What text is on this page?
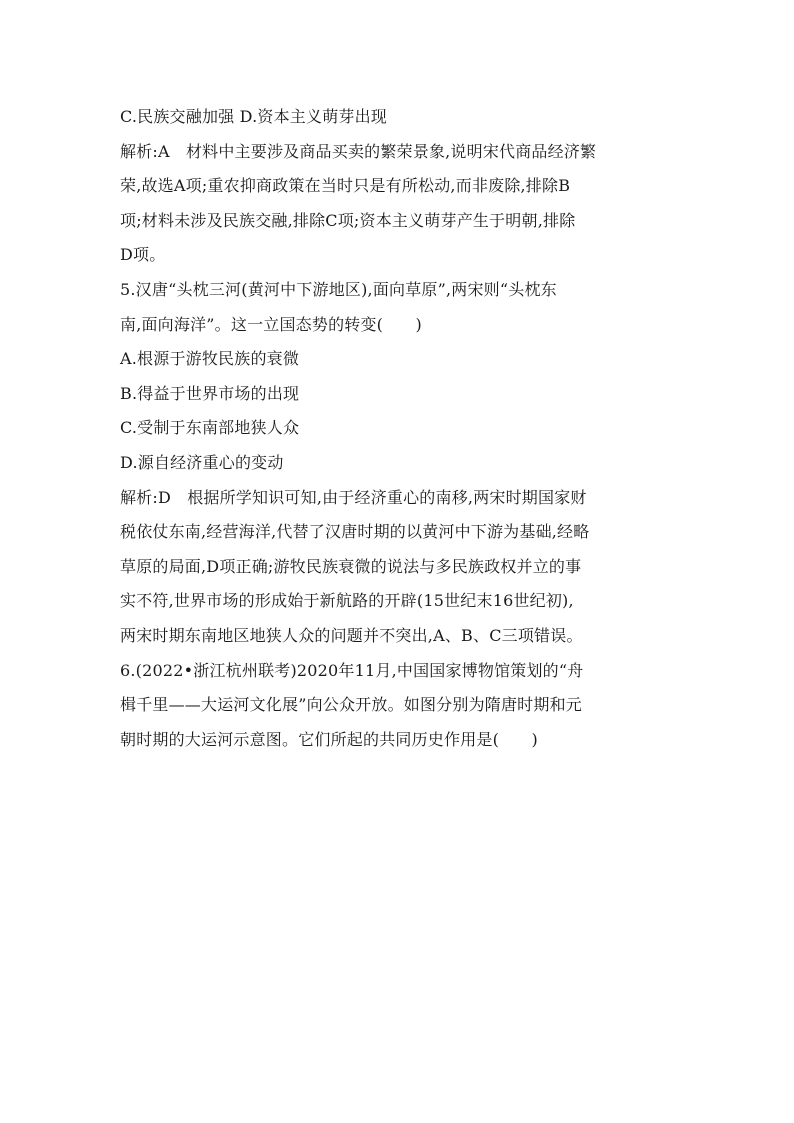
C.民族交融加强 D.资本主义萌芽出现
解析:A　材料中主要涉及商品买卖的繁荣景象,说明宋代商品经济繁
荣,故选A项;重农抑商政策在当时只是有所松动,而非废除,排除B
项;材料未涉及民族交融,排除C项;资本主义萌芽产生于明朝,排除
D项。
5.汉唐“头枕三河(黄河中下游地区),面向草原”,两宋则“头枕东
南,面向海洋”。这一立国态势的转变(　　)
A.根源于游牧民族的衰微
B.得益于世界市场的出现
C.受制于东南部地狭人众
D.源自经济重心的变动
解析:D　根据所学知识可知,由于经济重心的南移,两宋时期国家财
税依仗东南,经营海洋,代替了汉唐时期的以黄河中下游为基础,经略
草原的局面,D项正确;游牧民族衰微的说法与多民族政权并立的事
实不符,世界市场的形成始于新航路的开辟(15世纪末16世纪初),
两宋时期东南地区地狭人众的问题并不突出,A、B、C三项错误。
6.(2022•浙江杭州联考)2020年11月,中国国家博物馆策划的“舟
楫千里——大运河文化展”向公众开放。如图分别为隋唐时期和元
朝时期的大运河示意图。它们所起的共同历史作用是(　　)
